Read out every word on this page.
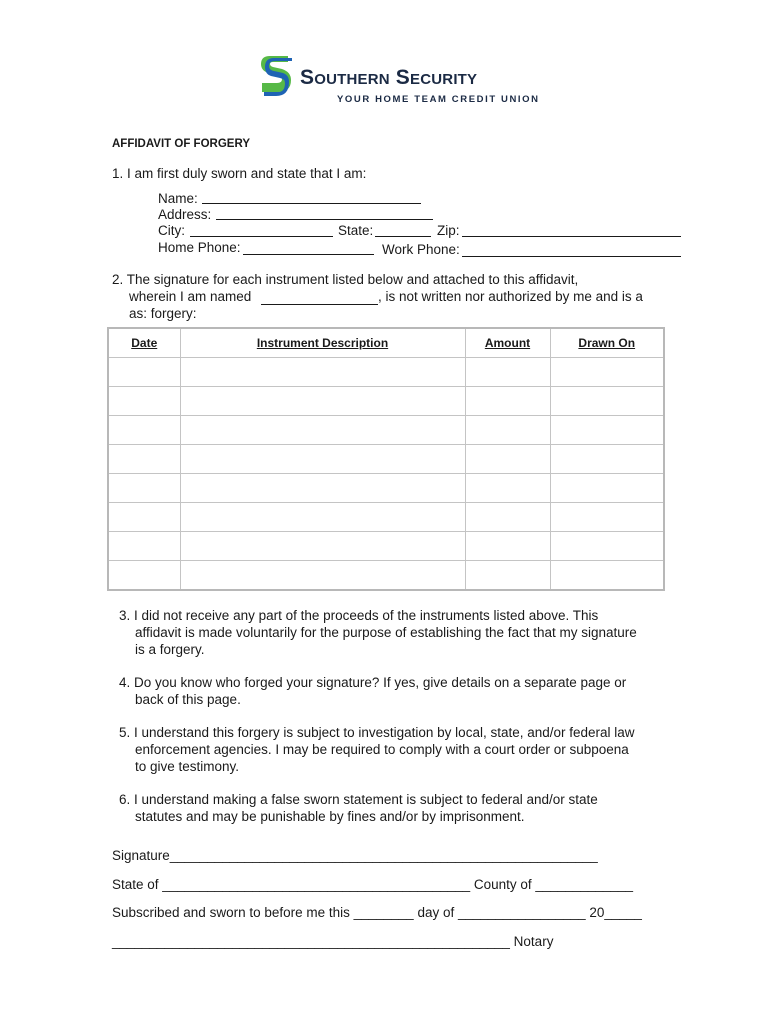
Southern Security
YOUR HOME TEAM CREDIT UNION
AFFIDAVIT OF FORGERY
1. I am first duly sworn and state that I am:
Name:
Address:
City:	State:	Zip:
Home Phone:	Work Phone:
2. The signature for each instrument listed below and attached to this affidavit,
wherein I am named	, is not written nor authorized by me and is a
as: forgery:
Date	Instrument Description	Amount	Drawn On

3. I did not receive any part of the proceeds of the instruments listed above. This
affidavit is made voluntarily for the purpose of establishing the fact that my signature
is a forgery.
4. Do you know who forged your signature? If yes, give details on a separate page or
back of this page.
5. I understand this forgery is subject to investigation by local, state, and/or federal law
enforcement agencies. I may be required to comply with a court order or subpoena
to give testimony.
6. I understand making a false sworn statement is subject to federal and/or state
statutes and may be punishable by fines and/or by imprisonment.
Signature_________________________________________________________
State of _________________________________________ County of _____________
Subscribed and sworn to before me this ________ day of _________________ 20_____
_____________________________________________________ Notary
